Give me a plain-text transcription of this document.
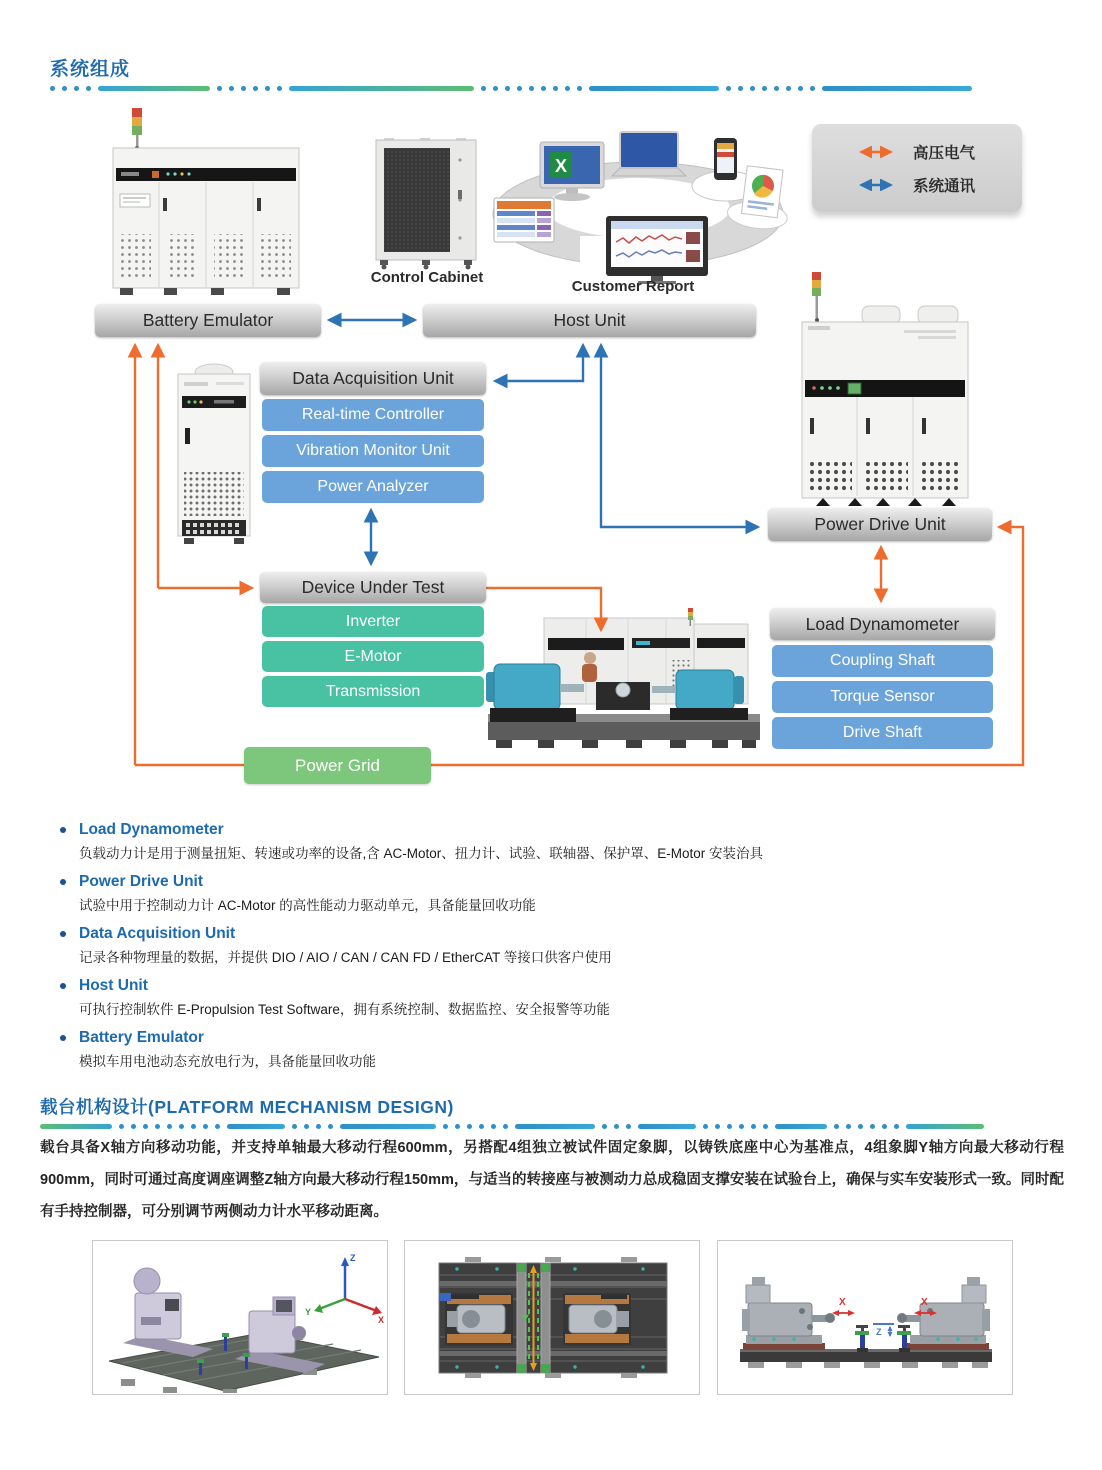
系统组成
X
Control Cabinet
Customer Report
高压电气
系统通讯
Battery Emulator	Host Unit
Data Acquisition Unit
Real-time Controller
Vibration Monitor Unit
Power Analyzer
Power Drive Unit
Device Under Test
Inverter
E-Motor
Transmission
Load Dynamometer
Coupling Shaft
Torque Sensor
Drive Shaft
Power Grid
Load Dynamometer
负载动力计是用于测量扭矩、转速或功率的设备,含 AC-Motor、扭力计、试验、联轴器、保护罩、E-Motor 安装治具
Power Drive Unit
试验中用于控制动力计 AC-Motor 的高性能动力驱动单元，具备能量回收功能
Data Acquisition Unit
记录各种物理量的数据，并提供 DIO / AIO / CAN / CAN FD / EtherCAT 等接口供客户使用
Host Unit
可执行控制软件 E-Propulsion Test Software，拥有系统控制、数据监控、安全报警等功能
Battery Emulator
模拟车用电池动态充放电行为，具备能量回收功能
载台机构设计(PLATFORM MECHANISM DESIGN)

载台具备X轴方向移动功能，并支持单轴最大移动行程600mm，另搭配4组独立被试件固定象脚，以铸铁底座中心为基准点，4组象脚Y轴方向最大移动行程900mm，同时可通过高度调座调整Z轴方向最大移动行程150mm，与适当的转接座与被测动力总成稳固支撑安装在试验台上，确保与实车安装形式一致。同时配有手持控制器，可分别调节两侧动力计水平移动距离。

Z
X
Y
Y
X	X
Z
